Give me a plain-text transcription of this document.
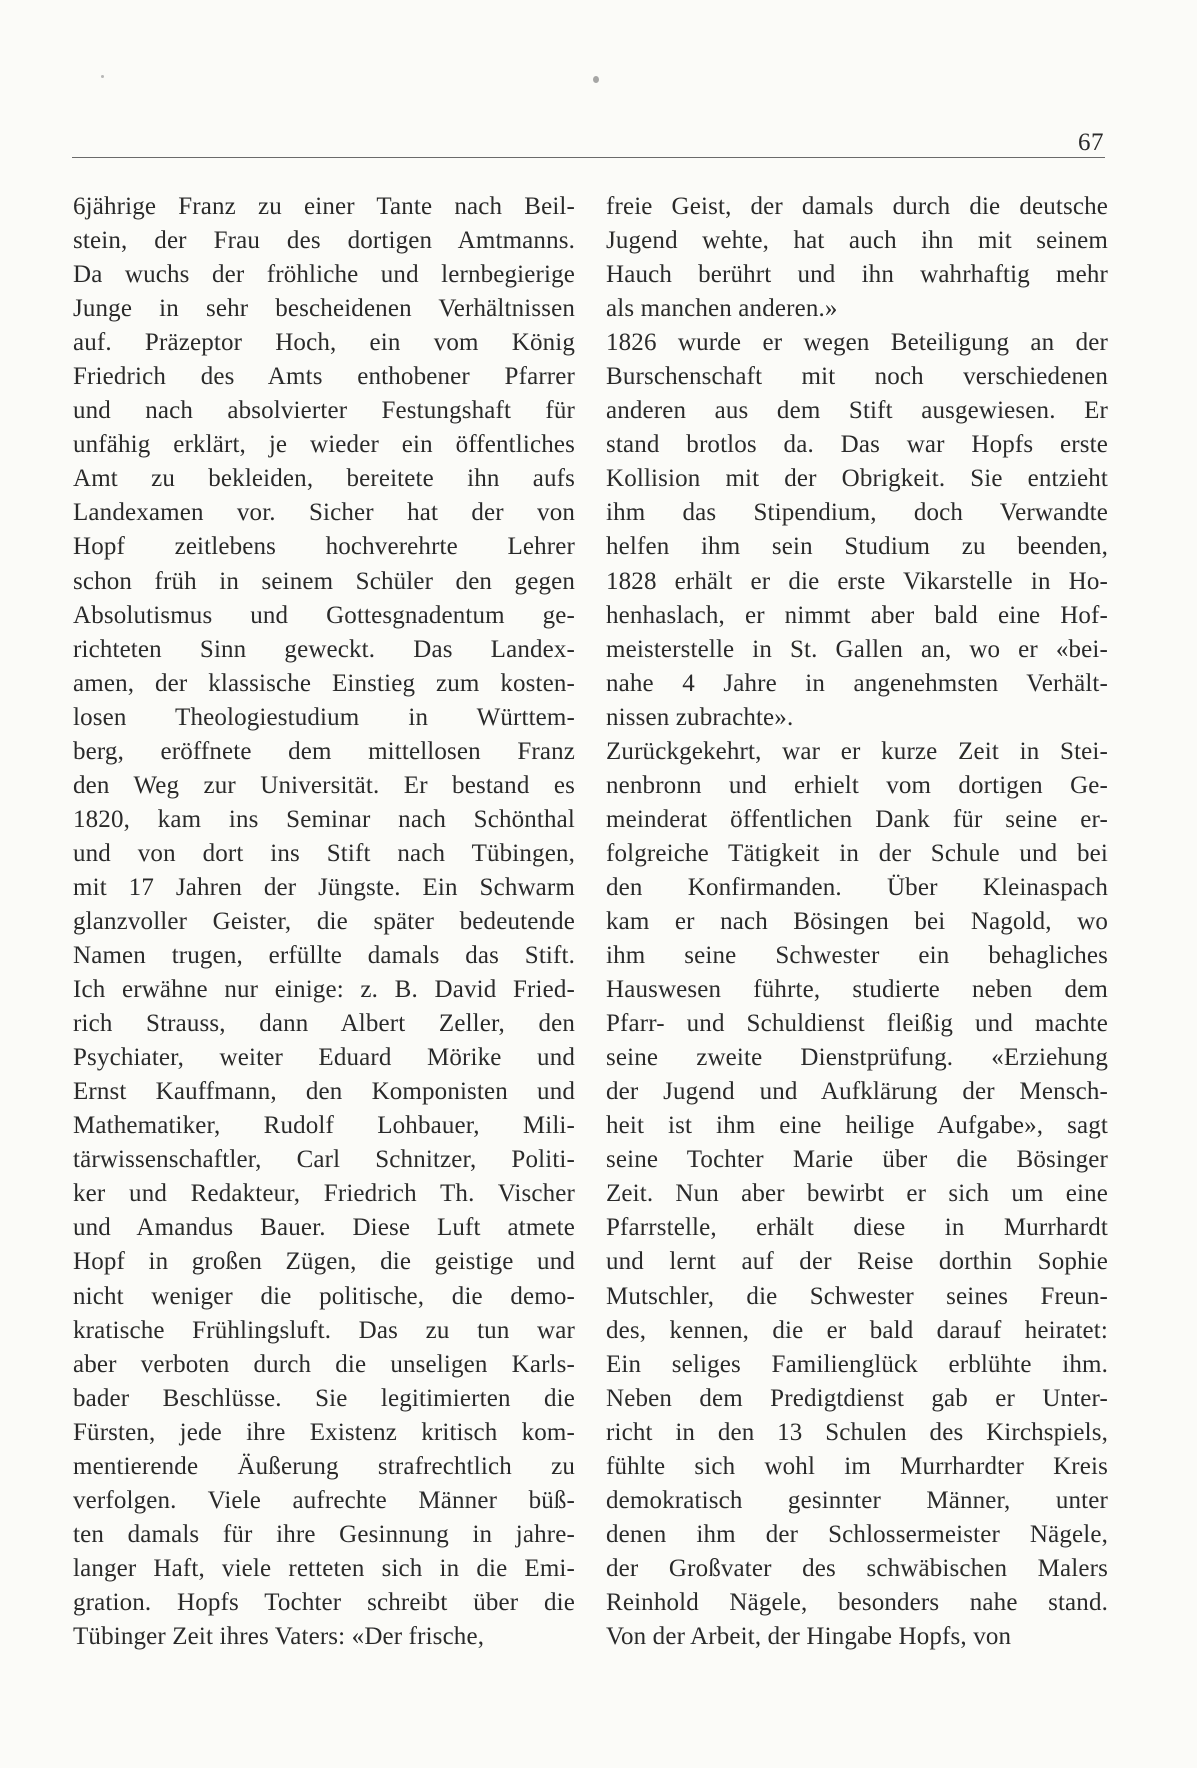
67
6jährige Franz zu einer Tante nach Beil-
stein, der Frau des dortigen Amtmanns.
Da wuchs der fröhliche und lernbegierige
Junge in sehr bescheidenen Verhältnissen
auf. Präzeptor Hoch, ein vom König
Friedrich des Amts enthobener Pfarrer
und nach absolvierter Festungshaft für
unfähig erklärt, je wieder ein öffentliches
Amt zu bekleiden, bereitete ihn aufs
Landexamen vor. Sicher hat der von
Hopf zeitlebens hochverehrte Lehrer
schon früh in seinem Schüler den gegen
Absolutismus und Gottesgnadentum ge-
richteten Sinn geweckt. Das Landex-
amen, der klassische Einstieg zum kosten-
losen Theologiestudium in Württem-
berg, eröffnete dem mittellosen Franz
den Weg zur Universität. Er bestand es
1820, kam ins Seminar nach Schönthal
und von dort ins Stift nach Tübingen,
mit 17 Jahren der Jüngste. Ein Schwarm
glanzvoller Geister, die später bedeutende
Namen trugen, erfüllte damals das Stift.
Ich erwähne nur einige: z. B. David Fried-
rich Strauss, dann Albert Zeller, den
Psychiater, weiter Eduard Mörike und
Ernst Kauffmann, den Komponisten und
Mathematiker, Rudolf Lohbauer, Mili-
tärwissenschaftler, Carl Schnitzer, Politi-
ker und Redakteur, Friedrich Th. Vischer
und Amandus Bauer. Diese Luft atmete
Hopf in großen Zügen, die geistige und
nicht weniger die politische, die demo-
kratische Frühlingsluft. Das zu tun war
aber verboten durch die unseligen Karls-
bader Beschlüsse. Sie legitimierten die
Fürsten, jede ihre Existenz kritisch kom-
mentierende Äußerung strafrechtlich zu
verfolgen. Viele aufrechte Männer büß-
ten damals für ihre Gesinnung in jahre-
langer Haft, viele retteten sich in die Emi-
gration. Hopfs Tochter schreibt über die
Tübinger Zeit ihres Vaters: «Der frische,
freie Geist, der damals durch die deutsche
Jugend wehte, hat auch ihn mit seinem
Hauch berührt und ihn wahrhaftig mehr
als manchen anderen.»
1826 wurde er wegen Beteiligung an der
Burschenschaft mit noch verschiedenen
anderen aus dem Stift ausgewiesen. Er
stand brotlos da. Das war Hopfs erste
Kollision mit der Obrigkeit. Sie entzieht
ihm das Stipendium, doch Verwandte
helfen ihm sein Studium zu beenden,
1828 erhält er die erste Vikarstelle in Ho-
henhaslach, er nimmt aber bald eine Hof-
meisterstelle in St. Gallen an, wo er «bei-
nahe 4 Jahre in angenehmsten Verhält-
nissen zubrachte».
Zurückgekehrt, war er kurze Zeit in Stei-
nenbronn und erhielt vom dortigen Ge-
meinderat öffentlichen Dank für seine er-
folgreiche Tätigkeit in der Schule und bei
den Konfirmanden. Über Kleinaspach
kam er nach Bösingen bei Nagold, wo
ihm seine Schwester ein behagliches
Hauswesen führte, studierte neben dem
Pfarr- und Schuldienst fleißig und machte
seine zweite Dienstprüfung. «Erziehung
der Jugend und Aufklärung der Mensch-
heit ist ihm eine heilige Aufgabe», sagt
seine Tochter Marie über die Bösinger
Zeit. Nun aber bewirbt er sich um eine
Pfarrstelle, erhält diese in Murrhardt
und lernt auf der Reise dorthin Sophie
Mutschler, die Schwester seines Freun-
des, kennen, die er bald darauf heiratet:
Ein seliges Familienglück erblühte ihm.
Neben dem Predigtdienst gab er Unter-
richt in den 13 Schulen des Kirchspiels,
fühlte sich wohl im Murrhardter Kreis
demokratisch gesinnter Männer, unter
denen ihm der Schlossermeister Nägele,
der Großvater des schwäbischen Malers
Reinhold Nägele, besonders nahe stand.
Von der Arbeit, der Hingabe Hopfs, von
